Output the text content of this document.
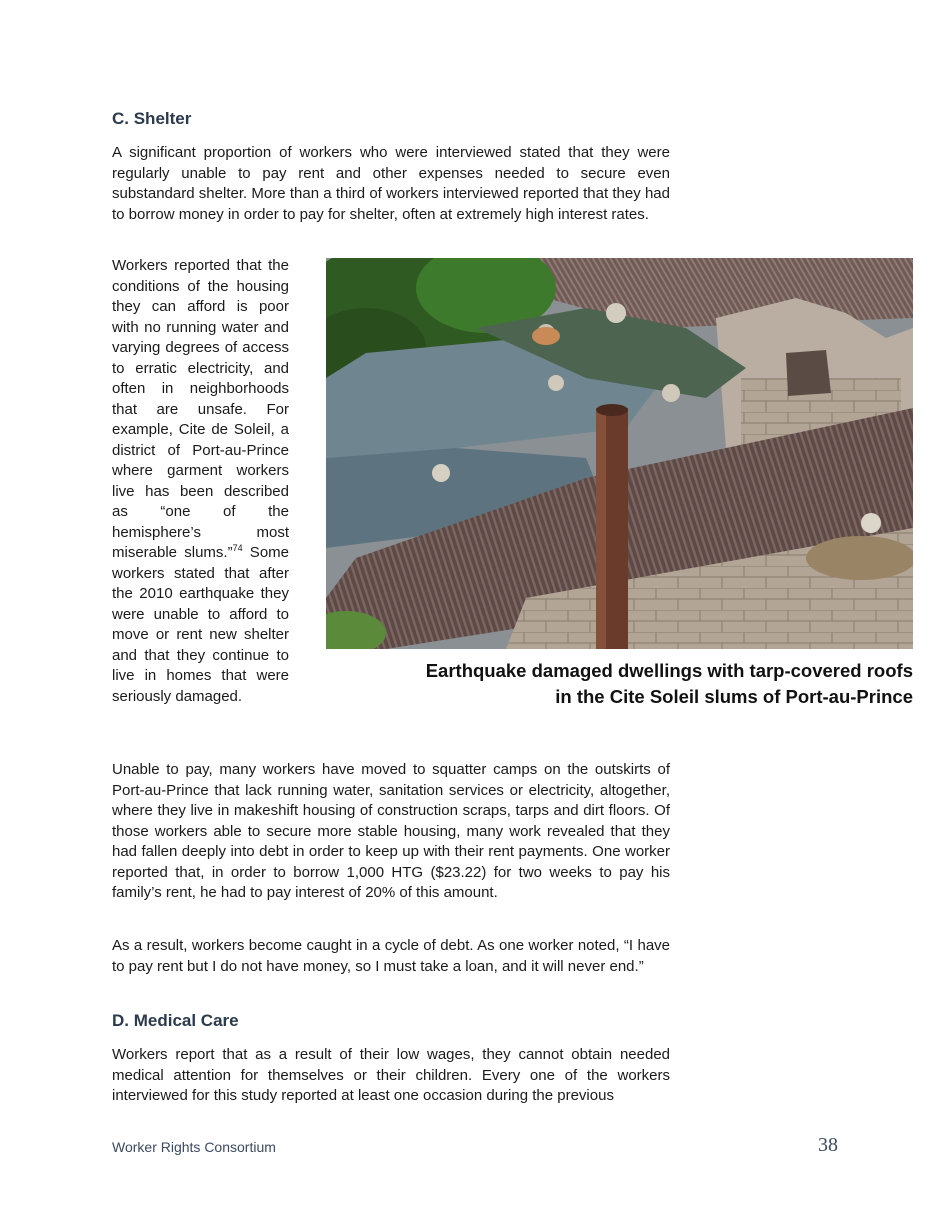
C. Shelter

A significant proportion of workers who were interviewed stated that they were regularly unable to pay rent and other expenses needed to secure even substandard shelter. More than a third of workers interviewed reported that they had to borrow money in order to pay for shelter, often at extremely high interest rates.

Workers reported that the conditions of the housing they can afford is poor with no running water and varying degrees of access to erratic electricity, and often in neighborhoods that are unsafe. For example, Cite de Soleil, a district of Port-au-Prince where garment workers live has been described as “one of the hemisphere’s most miserable slums.”$^{74}$ Some workers stated that after the 2010 earthquake they were unable to afford to move or rent new shelter and that they continue to live in homes that were seriously damaged.

Earthquake damaged dwellings with tarp-covered roofs
in the Cite Soleil slums of Port-au-Prince

Unable to pay, many workers have moved to squatter camps on the outskirts of Port-au-Prince that lack running water, sanitation services or electricity, altogether, where they live in makeshift housing of construction scraps, tarps and dirt floors. Of those workers able to secure more stable housing, many work revealed that they had fallen deeply into debt in order to keep up with their rent payments. One worker reported that, in order to borrow 1,000 HTG ($23.22) for two weeks to pay his family’s rent, he had to pay interest of 20% of this amount.

As a result, workers become caught in a cycle of debt. As one worker noted, “I have to pay rent but I do not have money, so I must take a loan, and it will never end.”

D. Medical Care

Workers report that as a result of their low wages, they cannot obtain needed medical attention for themselves or their children. Every one of the workers interviewed for this study reported at least one occasion during the previous

Worker Rights Consortium	38
